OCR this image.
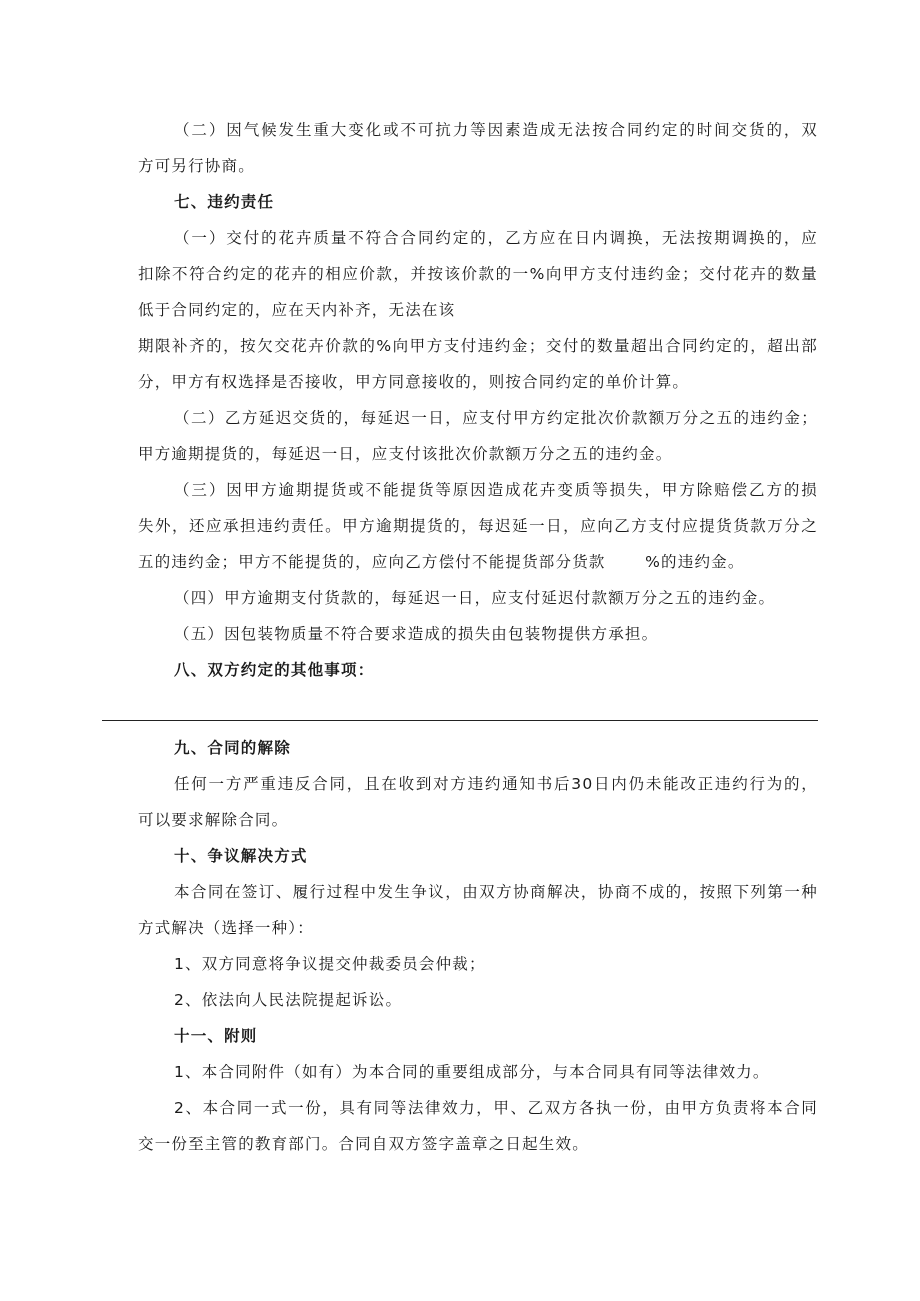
（二）因气候发生重大变化或不可抗力等因素造成无法按合同约定的时间交货的，双
方可另行协商。
七、违约责任
（一）交付的花卉质量不符合合同约定的，乙方应在日内调换，无法按期调换的，应
扣除不符合约定的花卉的相应价款，并按该价款的一%向甲方支付违约金；交付花卉的数量
低于合同约定的，应在天内补齐，无法在该
期限补齐的，按欠交花卉价款的%向甲方支付违约金；交付的数量超出合同约定的，超出部
分，甲方有权选择是否接收，甲方同意接收的，则按合同约定的单价计算。
（二）乙方延迟交货的，每延迟一日，应支付甲方约定批次价款额万分之五的违约金；
甲方逾期提货的，每延迟一日，应支付该批次价款额万分之五的违约金。
（三）因甲方逾期提货或不能提货等原因造成花卉变质等损失，甲方除赔偿乙方的损
失外，还应承担违约责任。甲方逾期提货的，每迟延一日，应向乙方支付应提货货款万分之
五的违约金；甲方不能提货的，应向乙方偿付不能提货部分货款　　 %的违约金。
（四）甲方逾期支付货款的，每延迟一日，应支付延迟付款额万分之五的违约金。
（五）因包装物质量不符合要求造成的损失由包装物提供方承担。
八、双方约定的其他事项：
九、合同的解除
任何一方严重违反合同，且在收到对方违约通知书后30日内仍未能改正违约行为的，
可以要求解除合同。
十、争议解决方式
本合同在签订、履行过程中发生争议，由双方协商解决，协商不成的，按照下列第一种
方式解决（选择一种）：
1、双方同意将争议提交仲裁委员会仲裁；
2、依法向人民法院提起诉讼。
十一、附则
1、本合同附件（如有）为本合同的重要组成部分，与本合同具有同等法律效力。
2、本合同一式一份，具有同等法律效力，甲、乙双方各执一份，由甲方负责将本合同
交一份至主管的教育部门。合同自双方签字盖章之日起生效。
